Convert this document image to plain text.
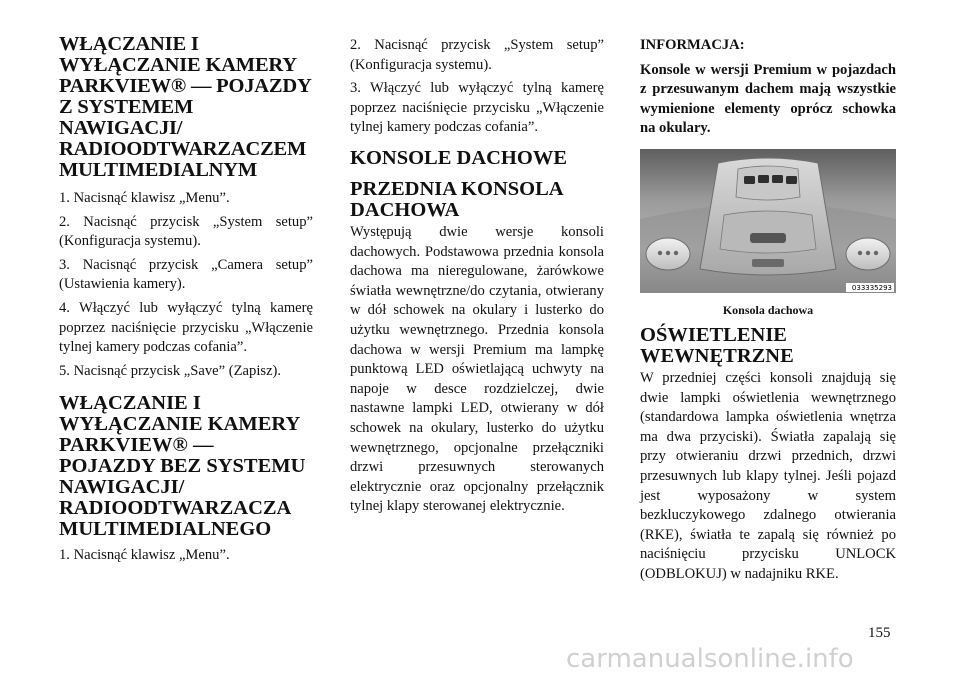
WŁĄCZANIE I WYŁĄCZANIE KAMERY PARKVIEW® — POJAZDY Z SYSTEMEM NAWIGACJI/ RADIOODTWARZACZEM MULTIMEDIALNYM
1. Nacisnąć klawisz „Menu”.
2. Nacisnąć przycisk „System setup” (Konfiguracja systemu).
3. Nacisnąć przycisk „Camera setup” (Ustawienia kamery).
4. Włączyć lub wyłączyć tylną kamerę poprzez naciśnięcie przycisku „Włączenie tylnej kamery podczas cofania”.
5. Nacisnąć przycisk „Save” (Zapisz).
WŁĄCZANIE I WYŁĄCZANIE KAMERY PARKVIEW® — POJAZDY BEZ SYSTEMU NAWIGACJI/ RADIOODTWARZACZA MULTIMEDIALNEGO
1. Nacisnąć klawisz „Menu”.
2. Nacisnąć przycisk „System setup” (Konfiguracja systemu).
3. Włączyć lub wyłączyć tylną kamerę poprzez naciśnięcie przycisku „Włączenie tylnej kamery podczas cofania”.
KONSOLE DACHOWE
PRZEDNIA KONSOLA DACHOWA
Występują dwie wersje konsoli dachowych. Podstawowa przednia konsola dachowa ma nieregulowane, żarówkowe światła wewnętrzne/do czytania, otwierany w dół schowek na okulary i lusterko do użytku wewnętrznego. Przednia konsola dachowa w wersji Premium ma lampkę punktową LED oświetlającą uchwyty na napoje w desce rozdzielczej, dwie nastawne lampki LED, otwierany w dół schowek na okulary, lusterko do użytku wewnętrznego, opcjonalne przełączniki drzwi przesuwnych sterowanych elektrycznie oraz opcjonalny przełącznik tylnej klapy sterowanej elektrycznie.
INFORMACJA:
Konsole w wersji Premium w pojazdach z przesuwanym dachem mają wszystkie wymienione elementy oprócz schowka na okulary.
033335293
Konsola dachowa
OŚWIETLENIE WEWNĘTRZNE
W przedniej części konsoli znajdują się dwie lampki oświetlenia wewnętrznego (standardowa lampka oświetlenia wnętrza ma dwa przyciski). Światła zapalają się przy otwieraniu drzwi przednich, drzwi przesuwnych lub klapy tylnej. Jeśli pojazd jest wyposażony w system bezkluczykowego zdalnego otwierania (RKE), światła te zapalą się również po naciśnięciu przycisku UNLOCK (ODBLOKUJ) w nadajniku RKE.
155
carmanualsonline.info
